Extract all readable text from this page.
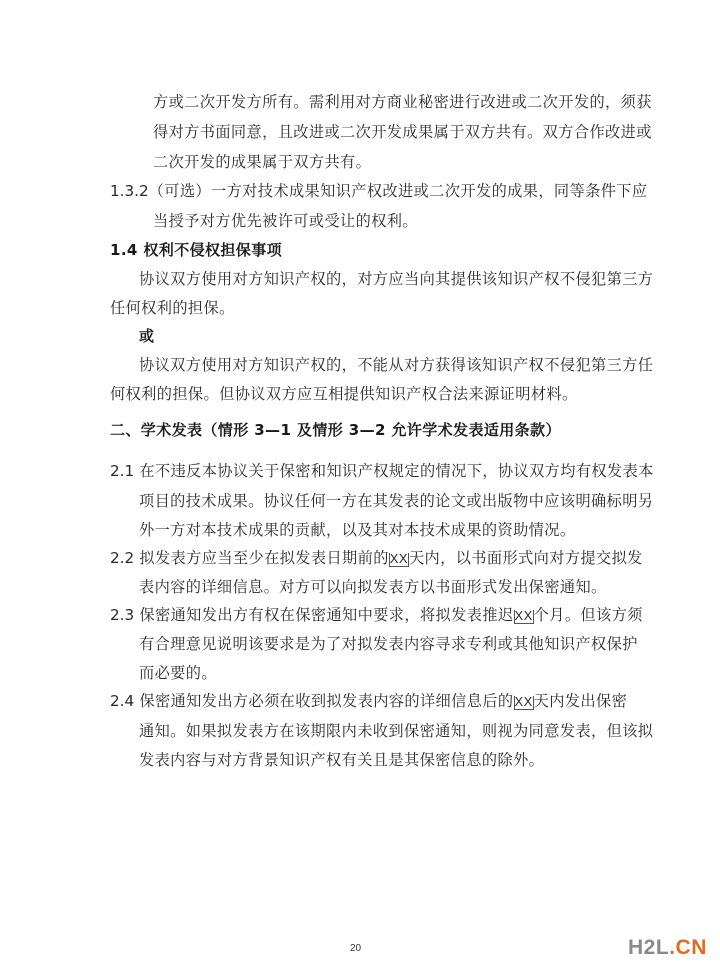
方或二次开发方所有。需利用对方商业秘密进行改进或二次开发的，须获
得对方书面同意，且改进或二次开发成果属于双方共有。双方合作改进或
二次开发的成果属于双方共有。
1.3.2（可选）一方对技术成果知识产权改进或二次开发的成果，同等条件下应
当授予对方优先被许可或受让的权利。
1.4 权利不侵权担保事项
协议双方使用对方知识产权的，对方应当向其提供该知识产权不侵犯第三方
任何权利的担保。
或
协议双方使用对方知识产权的，不能从对方获得该知识产权不侵犯第三方任
何权利的担保。但协议双方应互相提供知识产权合法来源证明材料。
二、学术发表（情形 3—1 及情形 3—2 允许学术发表适用条款）
2.1 在不违反本协议关于保密和知识产权规定的情况下，协议双方均有权发表本
项目的技术成果。协议任何一方在其发表的论文或出版物中应该明确标明另
外一方对本技术成果的贡献，以及其对本技术成果的资助情况。
2.2 拟发表方应当至少在拟发表日期前的XX天内，以书面形式向对方提交拟发
表内容的详细信息。对方可以向拟发表方以书面形式发出保密通知。
2.3 保密通知发出方有权在保密通知中要求，将拟发表推迟XX个月。但该方须
有合理意见说明该要求是为了对拟发表内容寻求专利或其他知识产权保护
而必要的。
2.4 保密通知发出方必须在收到拟发表内容的详细信息后的XX天内发出保密
通知。如果拟发表方在该期限内未收到保密通知，则视为同意发表，但该拟
发表内容与对方背景知识产权有关且是其保密信息的除外。
20	H2L.CN
